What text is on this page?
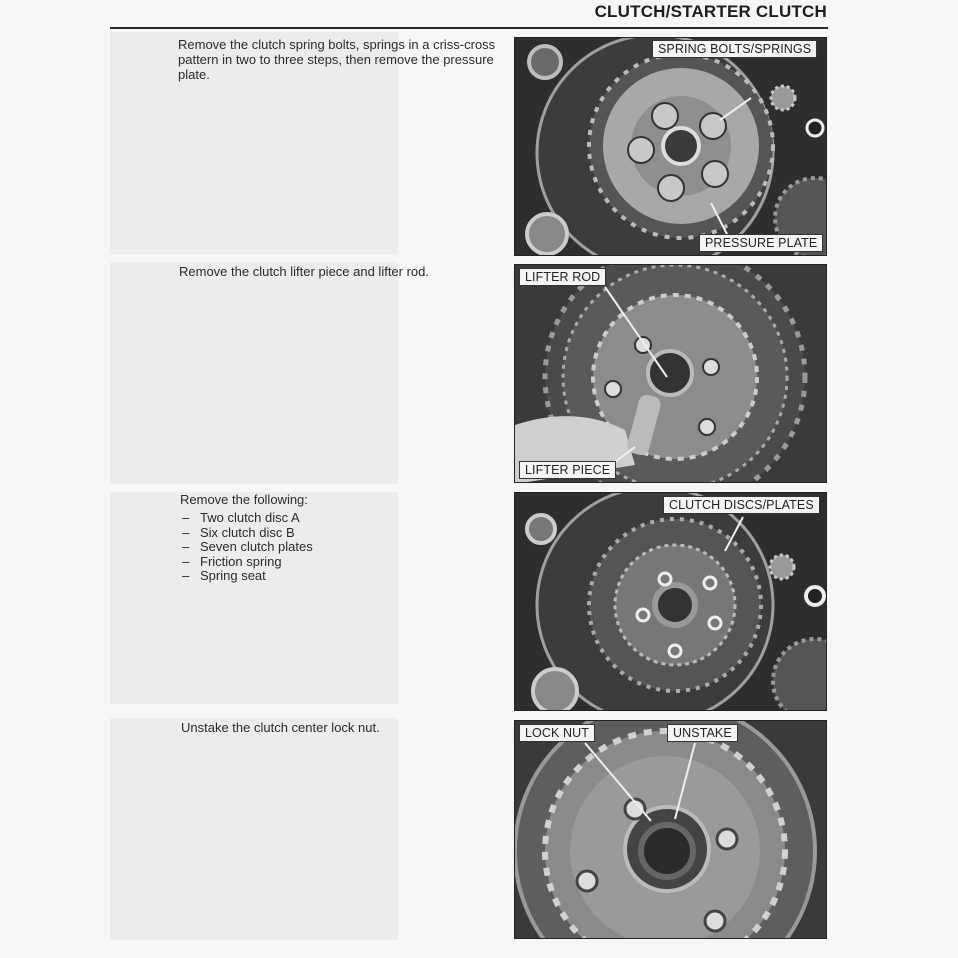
CLUTCH/STARTER CLUTCH
Remove the clutch spring bolts, springs in a criss-cross pattern in two to three steps, then remove the pressure plate.
SPRING BOLTS/SPRINGS
PRESSURE PLATE
Remove the clutch lifter piece and lifter rod.	LIFTER ROD
LIFTER PIECE
Remove the following:
– Two clutch disc A
– Six clutch disc B
– Seven clutch plates
– Friction spring
– Spring seat
CLUTCH DISCS/PLATES
Unstake the clutch center lock nut.	LOCK NUT	UNSTAKE
